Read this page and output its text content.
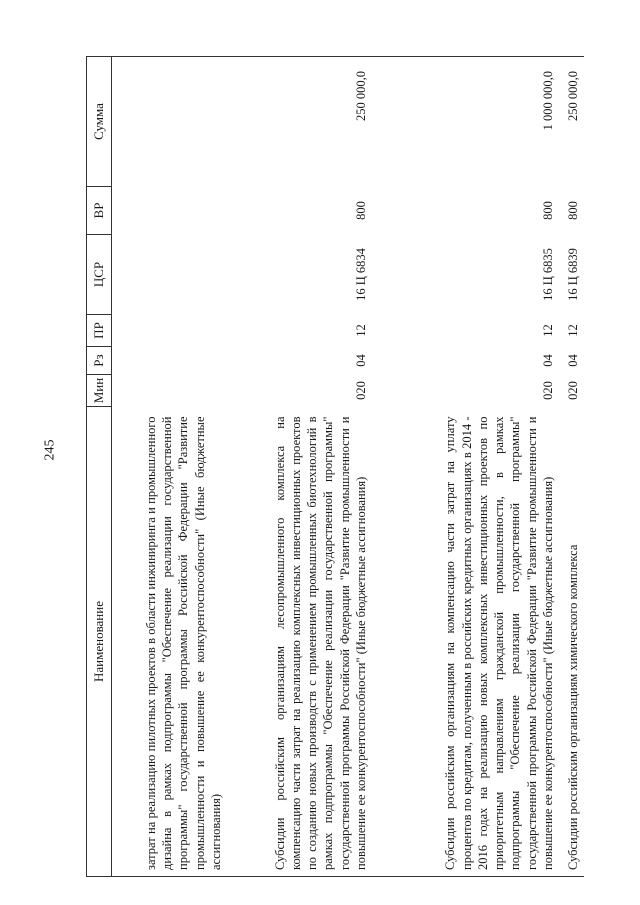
245
Наименование	Мин	Рз	ПР	ЦСР	ВР	Сумма
затрат на реализацию пилотных проектов в области инжиниринга и промышленного дизайна в рамках подпрограммы "Обеспечение реализации государственной программы" государственной программы Российской Федерации "Развитие промышленности и повышение ее конкурентоспособности" (Иные бюджетные ассигнования)						
Субсидии российским организациям лесопромышленного комплекса на компенсацию части затрат на реализацию комплексных инвестиционных проектов по созданию новых производств с применением промышленных биотехнологий в рамках подпрограммы "Обеспечение реализации государственной программы" государственной программы Российской Федерации "Развитие промышленности и повышение ее конкурентоспособности" (Иные бюджетные ассигнования)	020	04	12	16 Ц 6834	800	250 000,0
Субсидии российским организациям на компенсацию части затрат на уплату процентов по кредитам, полученным в российских кредитных организациях в 2014 - 2016 годах на реализацию новых комплексных инвестиционных проектов по приоритетным направлениям гражданской промышленности, в рамках подпрограммы "Обеспечение реализации государственной программы" государственной программы Российской Федерации "Развитие промышленности и повышение ее конкурентоспособности" (Иные бюджетные ассигнования)	020	04	12	16 Ц 6835	800	1 000 000,0
Субсидии российским организациям химического комплекса	020	04	12	16 Ц 6839	800	250 000,0
